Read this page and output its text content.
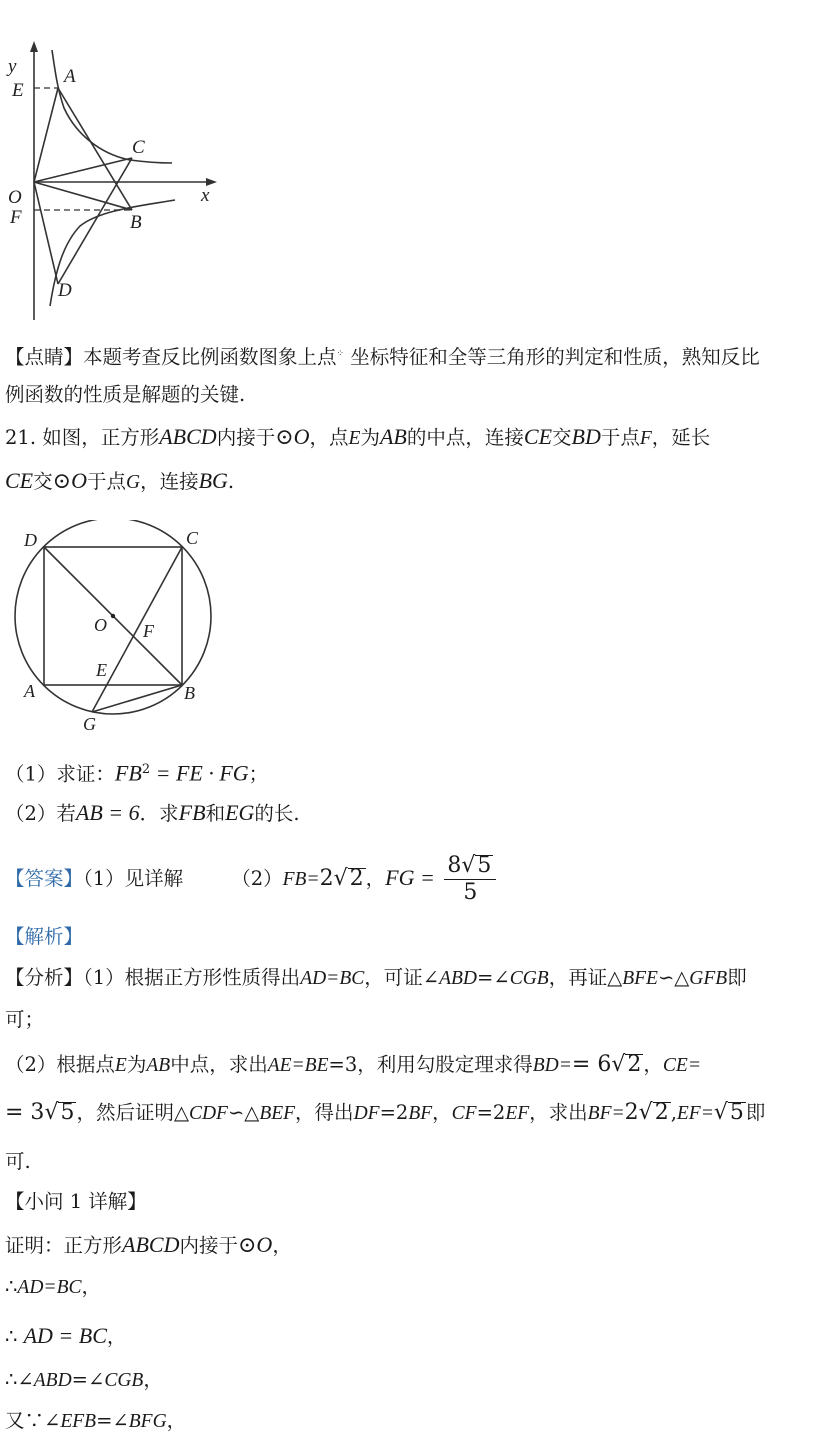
y
E
A
C
O	x
F	B
D
【点睛】本题考查反比例函数图象上点⁘ 坐标特征和全等三角形的判定和性质，熟知反比
例函数的性质是解题的关键.
21. 如图，正方形ABCD内接于⊙O，点E为AB的中点，连接CE交BD于点F，延长
CE交⊙O于点G，连接BG.
D	C
O F
E
A	B
G
（1）求证：$FB^2$ = FE · FG；
（2）若AB = 6．求FB和EG的长.
【答案】（1）见详解 （2）FB=2√2 ，FG = $\frac{8√5}{5}$
【解析】
【分析】（1）根据正方形性质得出AD=BC，可证∠ABD=∠CGB，再证△BFE∽△GFB即
可；
（2）根据点E为AB中点，求出AE=BE=3，利用勾股定理求得BD== 6√2 ，CE=
= 3√5 ，然后证明△CDF∽△BEF，得出DF=2BF，CF=2EF，求出BF=2√2 ,EF=√5 即
可.
【小问 1 详解】
证明：正方形ABCD内接于⊙O，
∴AD=BC，
∴ AD = BC，
∴∠ABD=∠CGB，
又∵∠EFB=∠BFG，
